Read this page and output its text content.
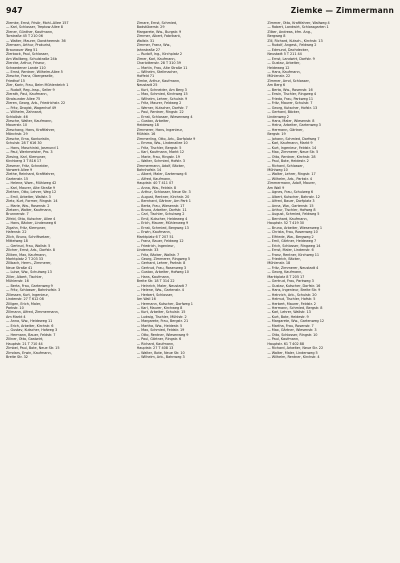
947	Ziemke — Zimmermann
Ziemke, Ernst, Frisör, Mohl.-Allee 157
— Karl, Schlosser, Treptow Allee 8
Ziener, Günther, Kaufmann,
Torstraße 45 T 210 06
— Walter, Maurer, Dorotheenstr. 36
Ziemsen, Arthur, Prokurist,
Braunauer Weg 51
Zierback, Paul, Schlosser,
Am Wallberg, Schulstraße 24b
Ziercke, Arthur, Friseur,
Schwedener Lande 110
— Ernst, Rentner, Wilhelm-Allee 5
Ziesche, Franz, Obergeselle,
Friedhof 15
Zier, Karin, Frau, Beim Mühlenteich 1
— Rudolf, Reg.-Insp., Seiler 9
Zierath, Paul, Kaufmann,
Stralsunder Allee 75
Zieren, Georg, Arb., Friedrichstr. 22
— Fritz, Drogist, Wagenhof 49
— Wilhelm, Zahnarzt,
Schloßstr. 46
Ziesche, Walter, Kaufmann,
Mauerstr. 10
Zieschang, Hans, Kraftfahrer,
Mönchstr. 29
Ziesche, Erna, Kontoristin,
Schulstr. 28 T 616 30
— Hans, Maschinist, Jasmund 1
— Paul, Werkmeister, Pro. 3
Ziesing, Karl, Klempner,
Kirchberg 3 T 816 17
Ziesmer, Fritz, Schneider,
Vorwerk Allee 9
Ziethe, Reinhard, Kraftfahrer,
Gartenstr. 15
— Helene, Wwe., Mühlweg 42
— Karl, Maurer, Alte Straße 9
Ziethen, Otto, Lehrer, Weg 12
— Emil, Arbeiter, Wallstr. 3
Zietz, Kurt, Former, Ringstr. 14
— Marie, Ww., Rosenstr. 2
Zietzen, Walter, Kaufmann,
Brunnenstr. 7
Zifeld, Otto, Kutscher, Allee 4
— Hans, Bäcker, Lindenweg 6
Zigahn, Fritz, Klempner,
Hafenstr. 22
Zilch, Bruno, Schriftsetzer,
Mittelweg 18
— Gertrud, Frau, Wallstr. 5
Zilcher, Ernst, Arb., Dorfstr. 8
Ziliken, Max, Kaufmann,
Marktplatz 2 T 203 33
Zillbach, Herm., Zimmerer,
Neue Straße 41
— Luise, Ww., Schulweg 13
Ziller, Albert, Tischler,
Mühlenstr. 16
— Berta, Frau, Gartenweg 9
— Fritz, Schlosser, Bahnhofstr. 3
Zillessen, Kurt, Ingenieur,
Lindenstr. 27 T 612 08
Zilligen, Erich, Maler,
Parkstr. 10
Zillmann, Alfred, Zimmermann,
Am Markt 4
— Anna, Ww., Heideweg 11
— Erich, Arbeiter, Kirchstr. 6
— Gustav, Kutscher, Hofweg 3
— Hermann, Bauer, Feldstr. 7
Zillner, Otto, Gastwirt,
Hauptstr. 21 T 710 44
Zimbel, Paul, Bote, Neue Str. 15
Zimdars, Erwin, Kaufmann,
Breite Str. 32
Zimare, Ernst, Schmied,
Badstüberstr. 29
Margarete, Ww., Burgstr. 9
Zimmer, Albert, Fabrikant,
Wallstr. 31
Zimmer, Franz, Ww.,
Jahnstraße 27
— Rudolf, Ing., Kirchplatz 2
Zimer, Karl, Kaufmann,
Charlottenstr. 28 T 310 39
— Martin, Frau, Alte Straße 11
— Wilhelm, Stellmacher,
Hoffeld 71
Zimke, Arthur, Kaufmann,
Neustadt 25
— Kurt, Schneider, Am Berg 3
— Max, Schmied, Kirchweg 15
— Wilhelm, Lehrer, Schulstr. 9
— Fritz, Maurer, Feldweg 2
— Werner, Kutscher, Dorfstr. 7
— Paul, Rentner, Ringstr. 22
— Ernst, Schlosser, Wiesenweg 4
— Gustav, Arbeiter,
Heideweg 18
Zimmerer, Hans, Ingenieur,
Mühlstr. 16
Zimmerling, Otto, Arb., Dorfplatz 9
— Emma, Ww., Lindenallee 10
— Fritz, Tischler, Bergstr. 5
— Karl, Kaufmann, Markt 12
— Marie, Frau, Ringstr. 19
— Walter, Schmied, Hofstr. 3
Zimmermann, Adolf, Bäcker,
Bahnhofstr. 14
— Albert, Maler, Gartenweg 6
— Alfred, Kaufmann,
Hauptstr. 40 T 411 07
— Anna, Ww., Feldstr. 8
— Arthur, Schlosser, Neue Str. 3
— August, Rentner, Kirchstr. 20
— Bernhard, Gärtner, Am Park 1
— Berta, Frau, Wiesenstr. 17
— Bruno, Arbeiter, Dorfstr. 11
— Carl, Tischler, Schulweg 2
— Emil, Kutscher, Heideweg 4
— Erich, Maurer, Mühlenweg 9
— Ernst, Schmied, Bergweg 13
— Erwin, Kaufmann,
Marktplatz 6 T 207 51
— Franz, Bauer, Feldweg 12
— Friedrich, Ingenieur,
Lindenstr. 33
— Fritz, Bäcker, Wallstr. 7
— Georg, Zimmerer, Ringweg 5
— Gerhard, Lehrer, Parkstr. 8
— Gertrud, Frau, Rosenweg 3
— Gustav, Arbeiter, Hofweg 10
— Hans, Kaufmann,
Breite Str. 18 T 314 22
— Heinrich, Maler, Neustadt 7
— Helene, Ww., Gartenstr. 4
— Herbert, Schlosser,
Am Wall 16
— Hermann, Kutscher, Dorfweg 1
— Karl, Maurer, Kirchweg 8
— Kurt, Arbeiter, Schulstr. 15
— Ludwig, Tischler, Mühlstr. 2
— Margarete, Frau, Bergstr. 21
— Martha, Ww., Heidestr. 5
— Max, Schmied, Feldstr. 19
— Otto, Rentner, Wiesenweg 9
— Paul, Gärtner, Ringstr. 6
— Richard, Kaufmann,
Hauptstr. 27 T 408 13
— Walter, Bote, Neue Str. 10
— Wilhelm, Arb., Bahnweg 3
Zimmer, Otto, Kraftfahrer, Wallweg 4
— Robert, Landwirt, Schlossgarten 1
Zilker, Andreas, kfm. Ang.,
Bergweg 8
Zill, Richard, Kutsch., Kirchstr. 13
— Rudolf, Angest., Feldweg 2
— Edmund, Dachdecker,
Neustadt 5 T 211 44
— Ernst, Landwirt, Dorfstr. 9
— Gustav, Arbeiter,
Heideweg 12
— Hans, Kaufmann,
Mühlenstr. 22
Zimmer, Arnd, Schlosser,
Am Berg 6
— Berta, Ww., Rosenstr. 16
— Erwin, Tischler, Ringweg 4
— Frieda, Frau, Parkweg 11
— Fritz, Maurer, Schulstr. 7
— Georg, Kutscher, Hofstr. 13
— Gerhard, Bäcker,
Lindenweg 2
— Hans, Maler, Wiesenstr. 8
— Heinz, Arbeiter, Gartenweg 3
— Hermann, Gärtner,
Bergstr. 19
— Johann, Schmied, Dorfweg 7
— Karl, Kaufmann, Markt 9
— Kurt, Ingenieur, Feldstr. 14
— Max, Zimmerer, Neue Str. 5
— Otto, Rentner, Kirchstr. 28
— Paul, Bote, Heidestr. 2
— Richard, Schlosser,
Mühlweg 10
— Walter, Lehrer, Ringstr. 17
— Wilhelm, Arb., Parkstr. 4
Zimmermann, Adolf, Maurer,
Am Wall 9
— Agnes, Frau, Schulweg 6
— Albert, Kutscher, Bahnstr. 12
— Alfred, Bauer, Dorfplatz 3
— Anna, Ww., Gartenstr. 15
— Arthur, Tischler, Hofweg 8
— August, Schmied, Feldweg 5
— Bernhard, Kaufmann,
Hauptstr. 52 T 419 30
— Bruno, Arbeiter, Wiesenweg 1
— Christa, Frau, Rosenweg 10
— Elfriede, Ww., Bergweg 2
— Emil, Gärtner, Heideweg 7
— Erich, Schlosser, Ringweg 14
— Ernst, Maler, Lindenstr. 6
— Franz, Rentner, Kirchweg 11
— Friedrich, Bäcker,
Mühlenstr. 18
— Fritz, Zimmerer, Neustadt 4
— Georg, Kaufmann,
Marktplatz 8 T 205 17
— Gertrud, Frau, Parkweg 3
— Gustav, Kutscher, Dorfstr. 16
— Hans, Ingenieur, Breite Str. 9
— Heinrich, Arb., Schulstr. 20
— Helmut, Tischler, Hofstr. 5
— Herbert, Maurer, Feldstr. 2
— Hermann, Schmied, Bergstr. 8
— Karl, Lehrer, Wallstr. 13
— Kurt, Bote, Heidestr. 9
— Margarete, Ww., Gartenweg 12
— Martha, Frau, Rosenstr. 7
— Max, Gärtner, Wiesenstr. 3
— Otto, Schlosser, Ringstr. 10
— Paul, Kaufmann,
Hauptstr. 61 T 402 88
— Richard, Arbeiter, Neue Str. 22
— Walter, Maler, Lindenweg 5
— Wilhelm, Rentner, Kirchstr. 4
